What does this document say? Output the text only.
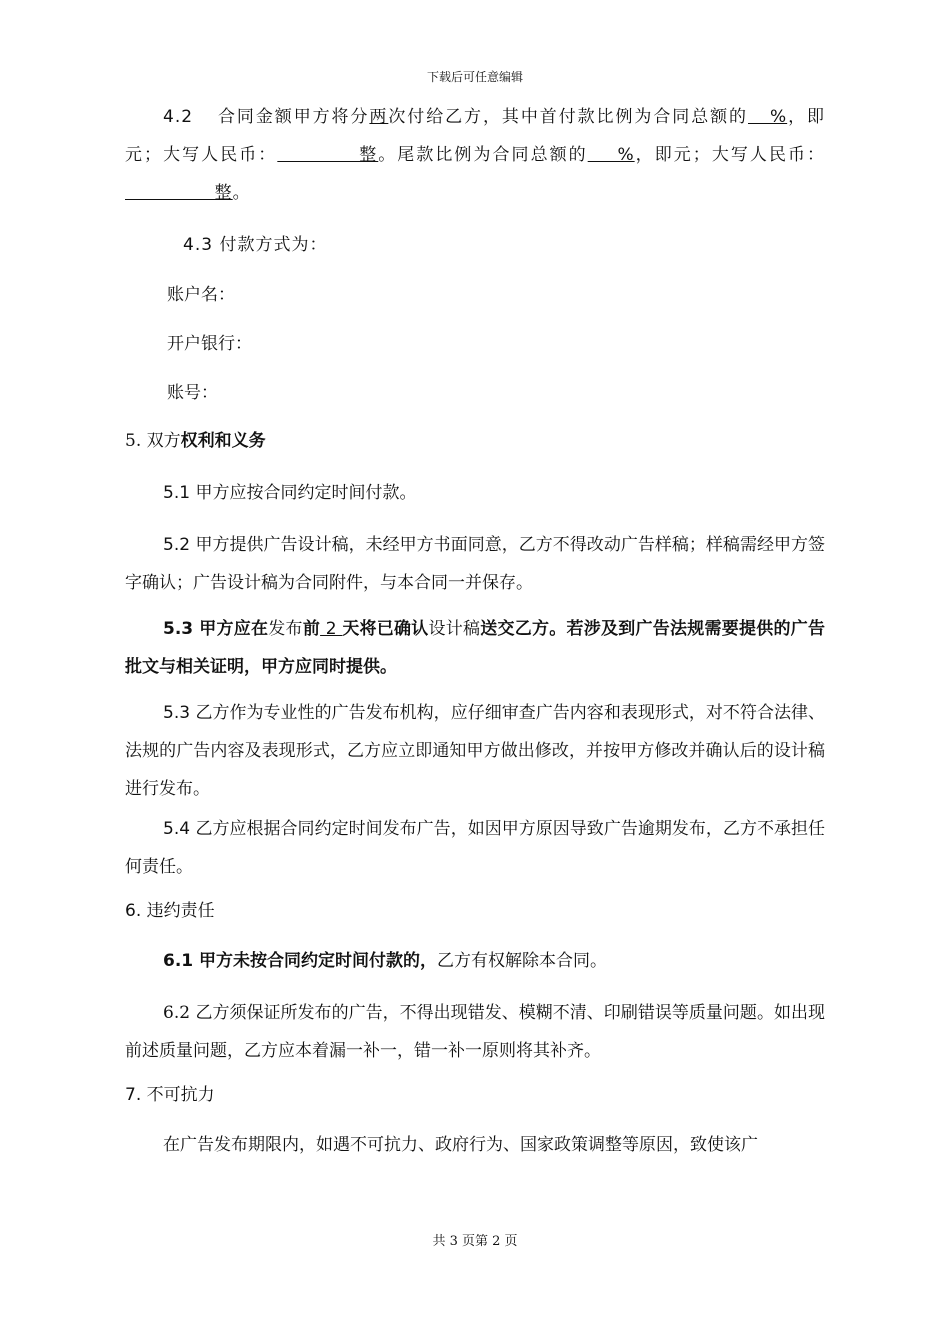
下载后可任意编辑

4.2 合同金额甲方将分两次付给乙方，其中首付款比例为合同总额的   %，即元；大写人民币：           整。尾款比例为合同总额的    %，即元；大写人民币：              整。

4.3 付款方式为：

账户名：

开户银行：

账号：

5. 双方权利和义务

5.1 甲方应按合同约定时间付款。

5.2 甲方提供广告设计稿，未经甲方书面同意，乙方不得改动广告样稿；样稿需经甲方签字确认；广告设计稿为合同附件，与本合同一并保存。

5.3 甲方应在发布前 2 天将已确认设计稿送交乙方。若涉及到广告法规需要提供的广告批文与相关证明，甲方应同时提供。

5.3 乙方作为专业性的广告发布机构，应仔细审查广告内容和表现形式，对不符合法律、法规的广告内容及表现形式，乙方应立即通知甲方做出修改，并按甲方修改并确认后的设计稿进行发布。

5.4 乙方应根据合同约定时间发布广告，如因甲方原因导致广告逾期发布，乙方不承担任何责任。

6. 违约责任

6.1 甲方未按合同约定时间付款的，乙方有权解除本合同。

6.2 乙方须保证所发布的广告，不得出现错发、模糊不清、印刷错误等质量问题。如出现前述质量问题，乙方应本着漏一补一，错一补一原则将其补齐。

7. 不可抗力

在广告发布期限内，如遇不可抗力、政府行为、国家政策调整等原因，致使该广

共 3 页第 2 页
